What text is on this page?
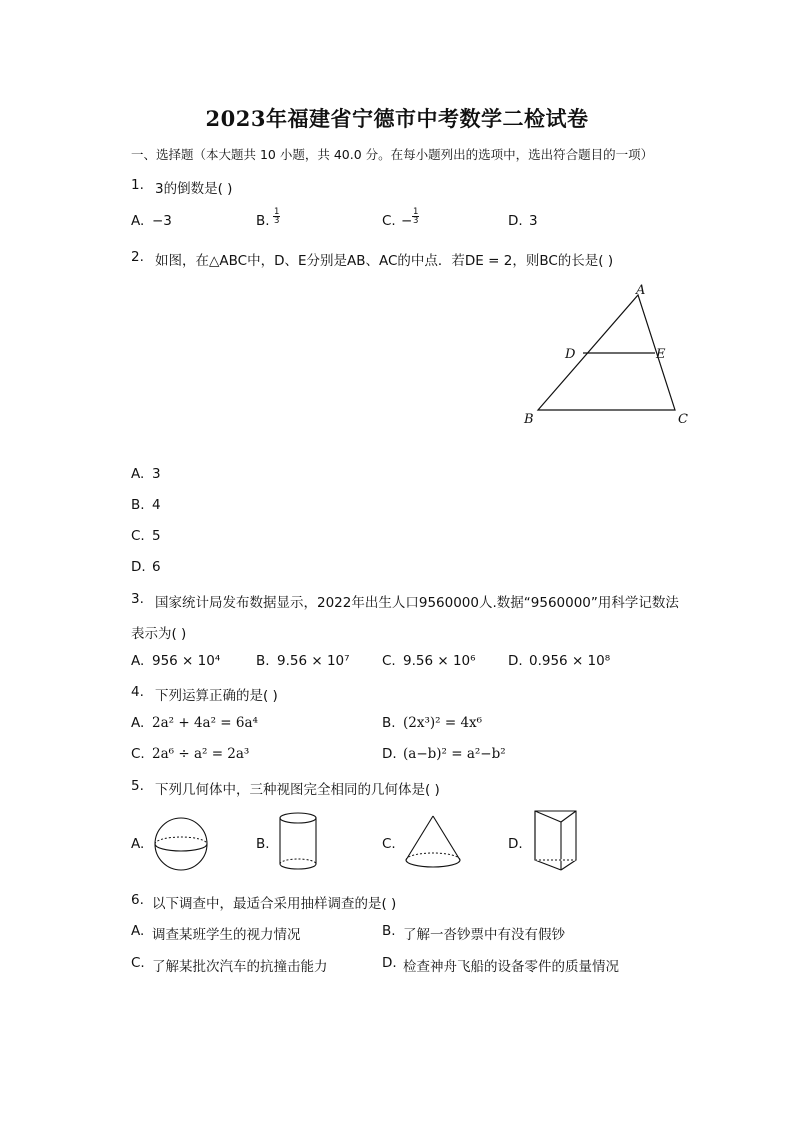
2023年福建省宁德市中考数学二检试卷
一、选择题（本大题共 10 小题，共 40.0 分。在每小题列出的选项中，选出符合题目的一项）
1. 3的倒数是( )
A. −3	B. $\frac{1}{3}$	C. − $\frac{1}{3}$	D. 3
2. 如图，在△ABC中，D、E分别是AB、AC的中点．若DE = 2，则BC的长是( )
A
B	C
D	E
A. 3
B. 4
C. 5
D. 6
3. 国家统计局发布数据显示，2022年出生人口9560000人.数据“9560000”用科学记数法
表示为( )
A. 956 × 10⁴	B. 9.56 × 10⁷ C. 9.56 × 10⁶ D. 0.956 × 10⁸
4. 下列运算正确的是( )
A. 2a² + 4a² = 6a⁴	B. (2x³)² = 4x⁶
C. 2a⁶ ÷ a² = 2a³	D. (a−b)² = a²−b²
5. 下列几何体中，三种视图完全相同的几何体是( )
A.	B.	C.	D.
6. 以下调查中，最适合采用抽样调查的是( )
A. 调查某班学生的视力情况	B. 了解一沓钞票中有没有假钞
C. 了解某批次汽车的抗撞击能力	D. 检查神舟飞船的设备零件的质量情况
